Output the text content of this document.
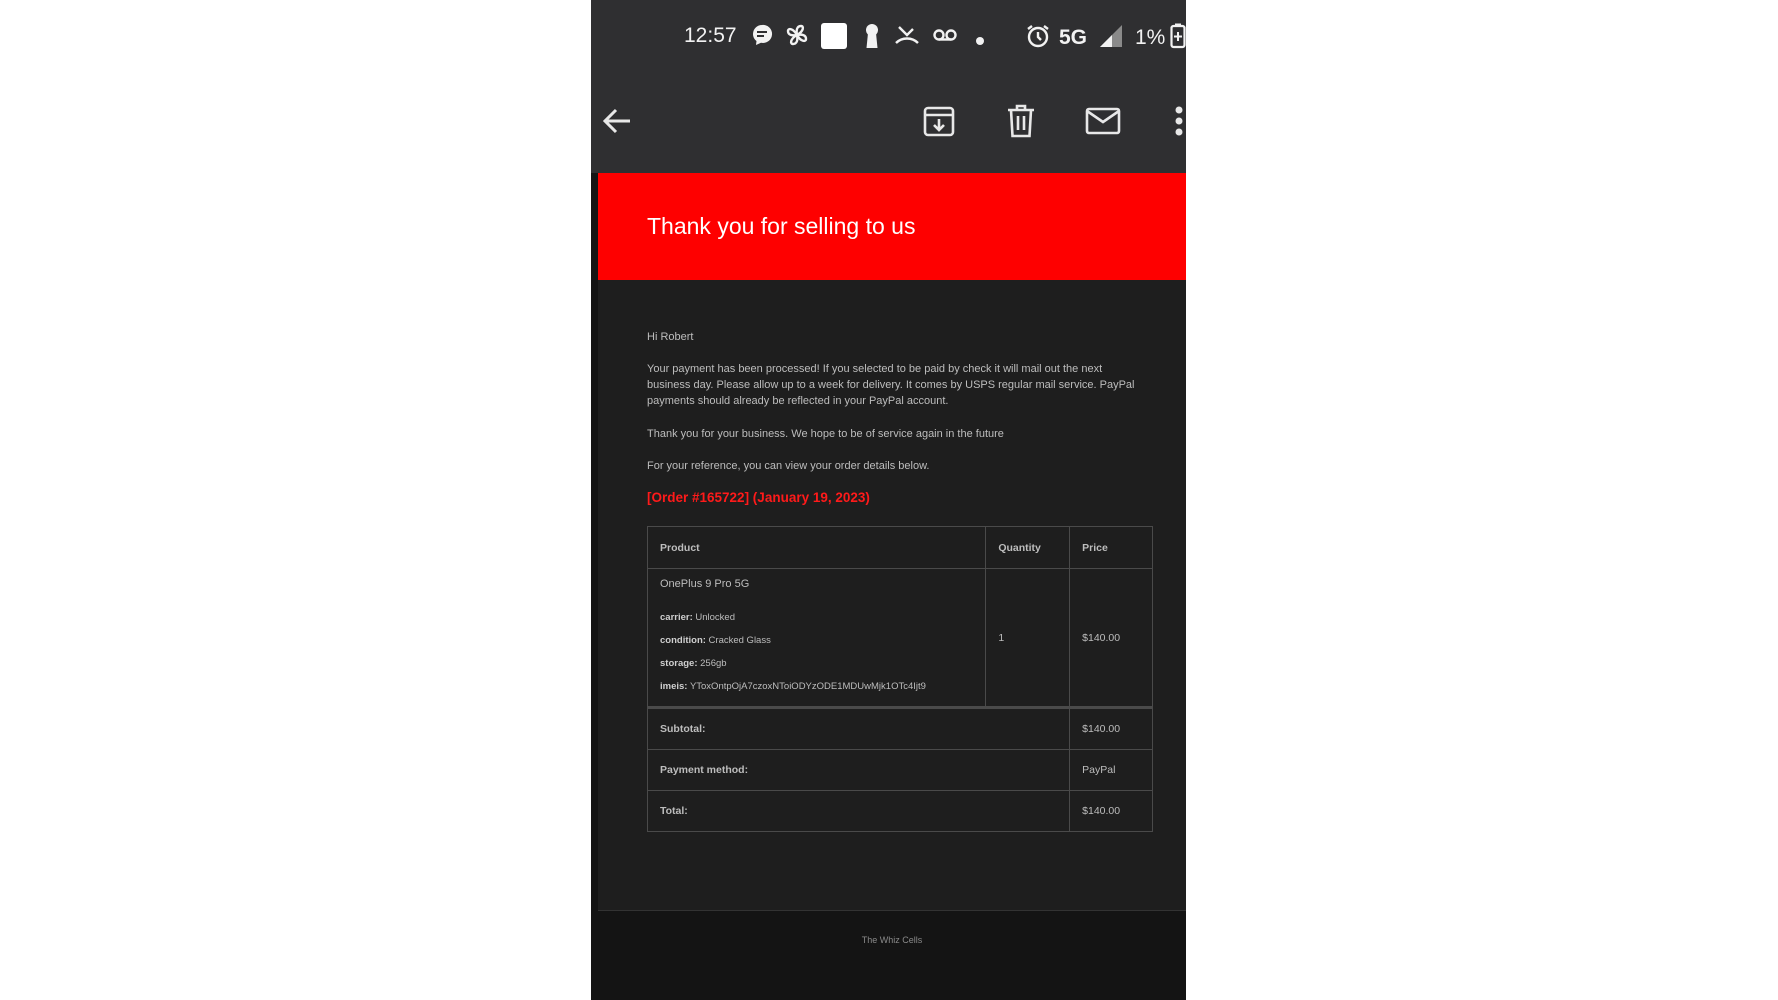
12:57	5G 1%
Thank you for selling to us
Hi Robert
Your payment has been processed! If you selected to be paid by check it will mail out the next business day. Please allow up to a week for delivery. It comes by USPS regular mail service. PayPal payments should already be reflected in your PayPal account.
Thank you for your business. We hope to be of service again in the future
For your reference, you can view your order details below.
[Order #165722] (January 19, 2023)
Product	Quantity	Price

OnePlus 9 Pro 5G
carrier: Unlocked
condition: Cracked Glass
storage: 256gb
imeis: YToxOntpOjA7czoxNToiODYzODE1MDUwMjk1OTc4Ijt9	1	$140.00
Subtotal:		$140.00
Payment method:		PayPal
Total:		$140.00
The Whiz Cells
